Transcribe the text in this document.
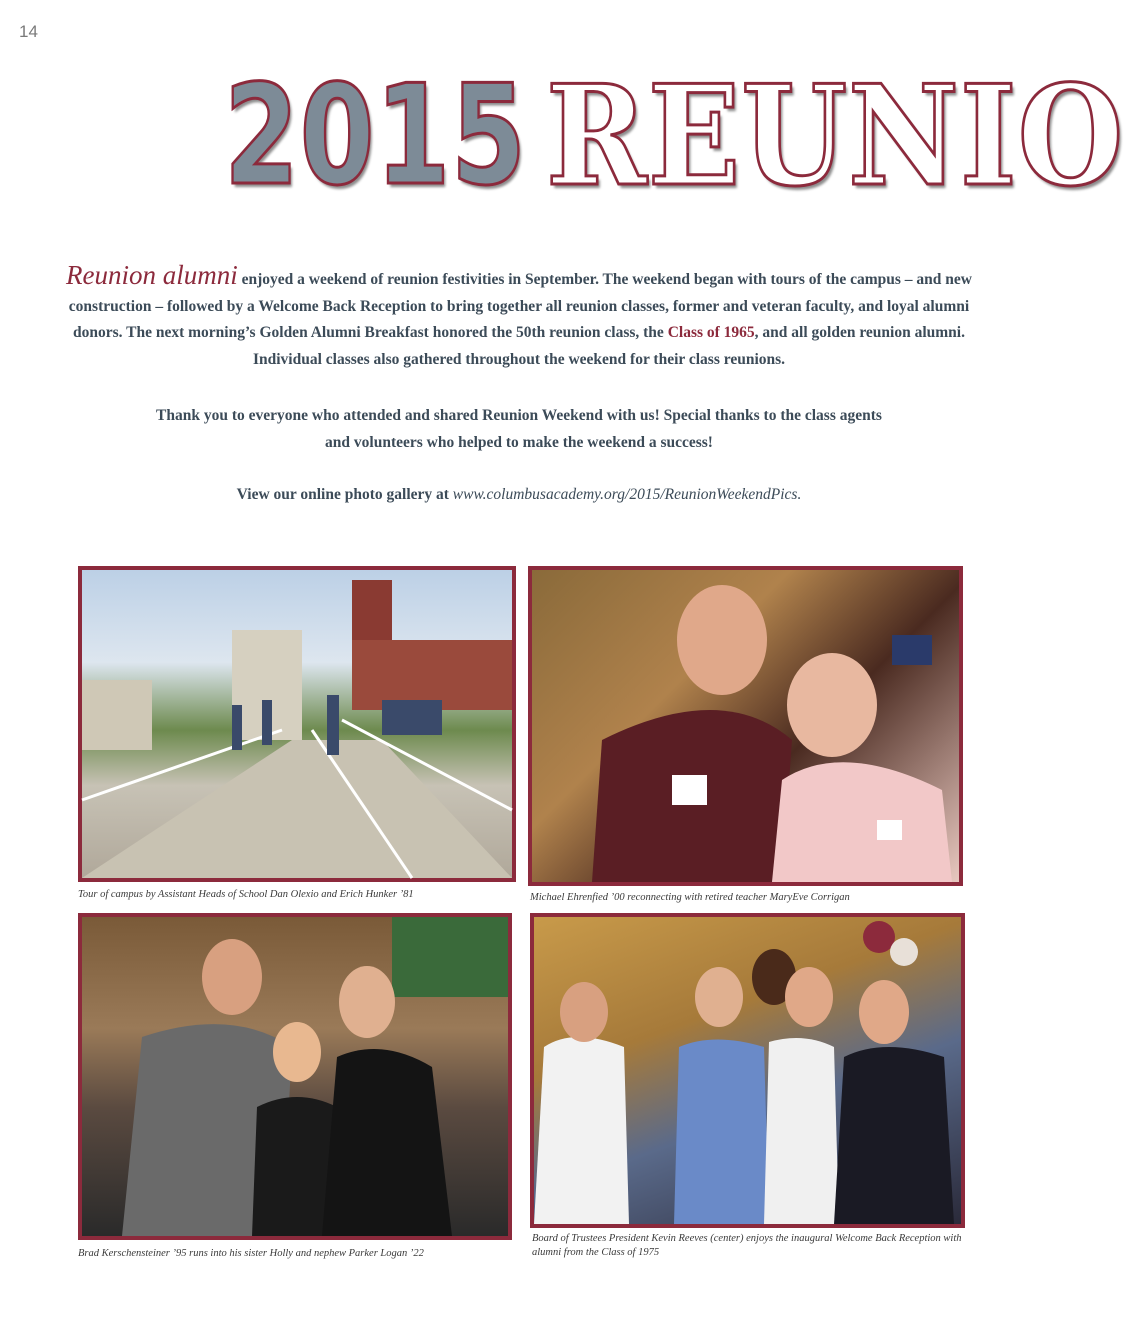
14
2015 REUNIO
Reunion alumni enjoyed a weekend of reunion festivities in September. The weekend began with tours of the campus – and new construction – followed by a Welcome Back Reception to bring together all reunion classes, former and veteran faculty, and loyal alumni donors. The next morning’s Golden Alumni Breakfast honored the 50th reunion class, the Class of 1965, and all golden reunion alumni. Individual classes also gathered throughout the weekend for their class reunions.
Thank you to everyone who attended and shared Reunion Weekend with us! Special thanks to the class agents
and volunteers who helped to make the weekend a success!
View our online photo gallery at www.columbusacademy.org/2015/ReunionWeekendPics.
Tour of campus by Assistant Heads of School Dan Olexio and Erich Hunker ’81	Michael Ehrenfied ’00 reconnecting with retired teacher MaryEve Corrigan
Brad Kerschensteiner ’95 runs into his sister Holly and nephew Parker Logan ’22
Board of Trustees President Kevin Reeves (center) enjoys the inaugural Welcome Back Reception with alumni from the Class of 1975
